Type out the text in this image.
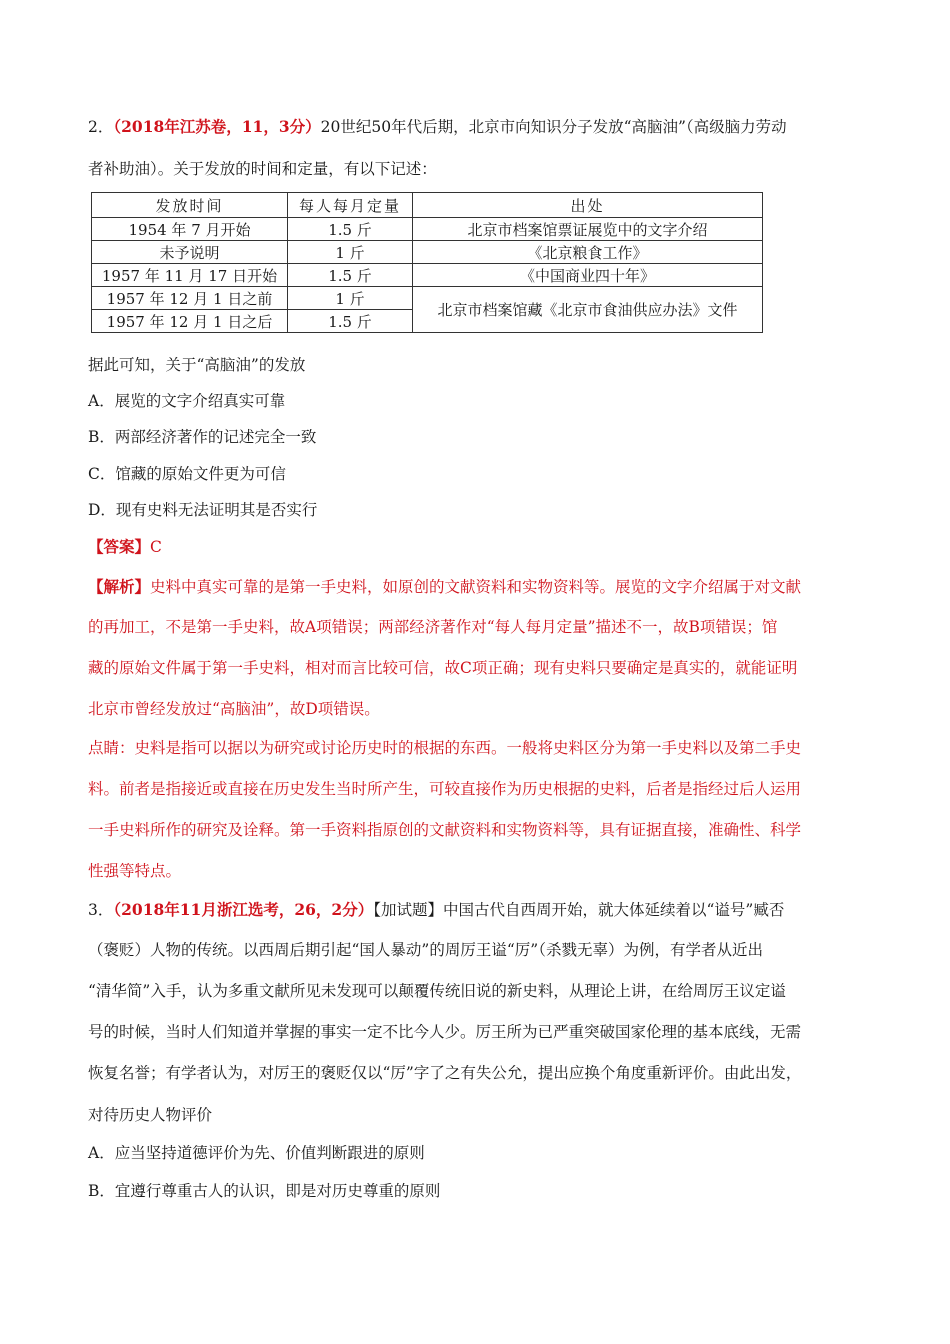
2．（2018年江苏卷，11，3分）20世纪50年代后期，北京市向知识分子发放“高脑油”（高级脑力劳动
者补助油）。关于发放的时间和定量，有以下记述：
发放时间	每人每月定量	出处
1954 年 7 月开始	1.5 斤	北京市档案馆票证展览中的文字介绍
未予说明	1 斤	《北京粮食工作》
1957 年 11 月 17 日开始	1.5 斤	《中国商业四十年》
1957 年 12 月 1 日之前	1 斤	北京市档案馆藏《北京市食油供应办法》文件
1957 年 12 月 1 日之后	1.5 斤	
据此可知，关于“高脑油”的发放
A．展览的文字介绍真实可靠
B．两部经济著作的记述完全一致
C．馆藏的原始文件更为可信
D．现有史料无法证明其是否实行
【答案】C
【解析】史料中真实可靠的是第一手史料，如原创的文献资料和实物资料等。展览的文字介绍属于对文献
的再加工，不是第一手史料，故A项错误；两部经济著作对“每人每月定量”描述不一，故B项错误；馆
藏的原始文件属于第一手史料，相对而言比较可信，故C项正确；现有史料只要确定是真实的，就能证明
北京市曾经发放过“高脑油”，故D项错误。
点睛：史料是指可以据以为研究或讨论历史时的根据的东西。一般将史料区分为第一手史料以及第二手史
料。前者是指接近或直接在历史发生当时所产生，可较直接作为历史根据的史料，后者是指经过后人运用
一手史料所作的研究及诠释。第一手资料指原创的文献资料和实物资料等，具有证据直接，准确性、科学
性强等特点。
3．（2018年11月浙江选考，26，2分）【加试题】中国古代自西周开始，就大体延续着以“谥号”臧否
（褒贬）人物的传统。以西周后期引起“国人暴动”的周厉王谥“厉”（杀戮无辜）为例，有学者从近出
“清华简”入手，认为多重文献所见未发现可以颠覆传统旧说的新史料，从理论上讲，在给周厉王议定谥
号的时候，当时人们知道并掌握的事实一定不比今人少。厉王所为已严重突破国家伦理的基本底线，无需
恢复名誉；有学者认为，对厉王的褒贬仅以“厉”字了之有失公允，提出应换个角度重新评价。由此出发，
对待历史人物评价
A．应当坚持道德评价为先、价值判断跟进的原则
B．宜遵行尊重古人的认识，即是对历史尊重的原则
